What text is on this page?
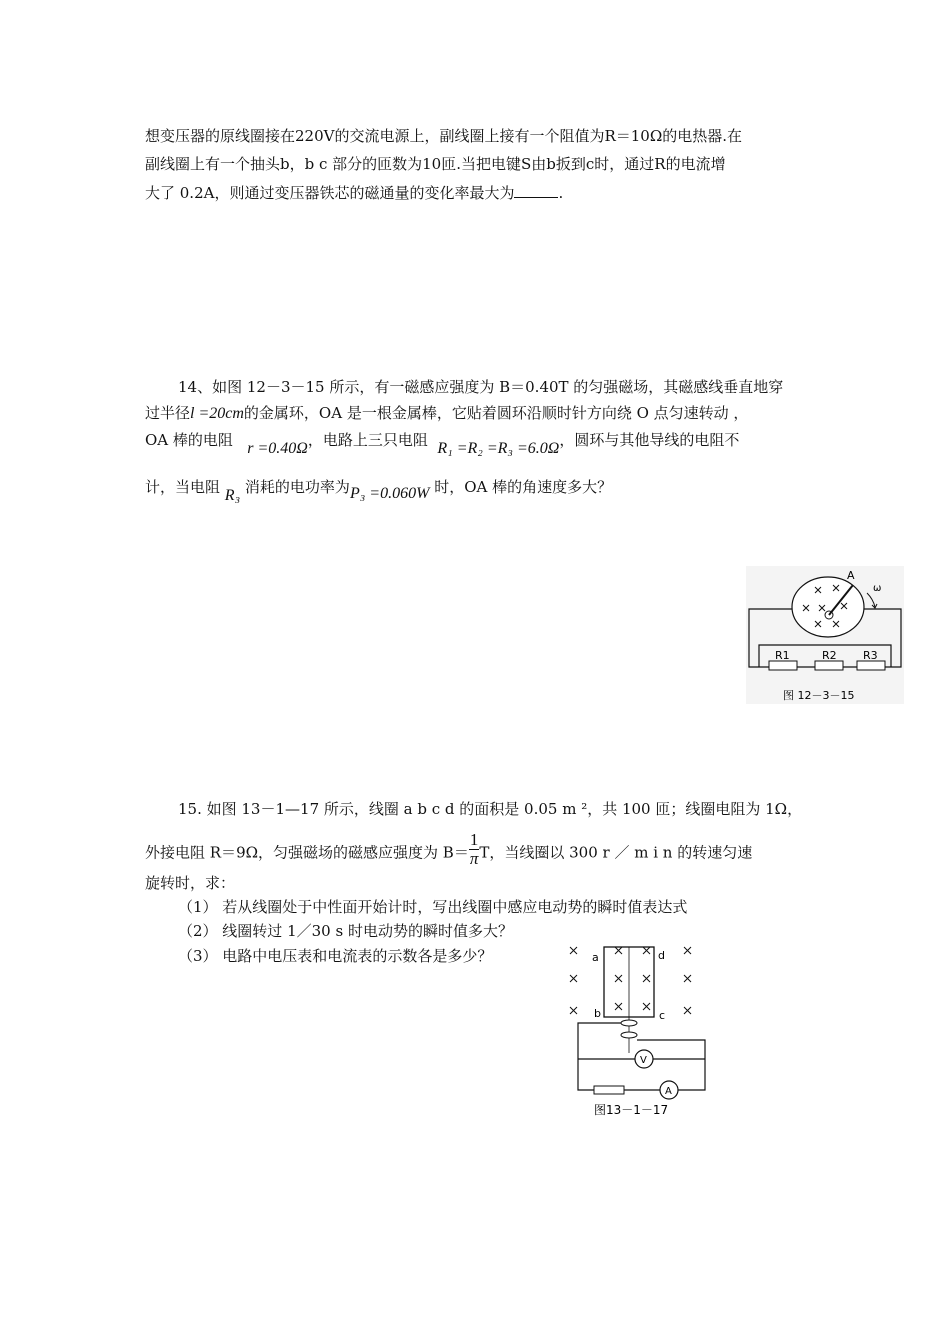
想变压器的原线圈接在220V的交流电源上，副线圈上接有一个阻值为R＝10Ω的电热器.在
副线圈上有一个抽头b，b c 部分的匝数为10匝.当把电键S由b扳到c时，通过R的电流增
大了 0.2A，则通过变压器铁芯的磁通量的变化率最大为	.
14、如图 12－3－15 所示，有一磁感应强度为 B＝0.40T 的匀强磁场，其磁感线垂直地穿
过半径l =20cm的金属环，OA 是一根金属棒，它贴着圆环沿顺时针方向绕 O 点匀速转动 ，
OA 棒的电阻 r =0.40Ω，电路上三只电阻 R₁ =R₂ =R₃ =6.0Ω，圆环与其他导线的电阻不
计，当电阻 R₃ 消耗的电功率为P₃ =0.060W 时，OA 棒的角速度多大？
A
ω
R1	R2 R3
图 12－3－15
15. 如图 13－1—17 所示，线圈 a b c d 的面积是 0.05 m ²，共 100 匝；线圈电阻为 1Ω，
外接电阻 R＝9Ω，匀强磁场的磁感应强度为 $B= \frac{1}{\pi}$ T，当线圈以 300 r ／ m i n 的转速匀速
旋转时，求：
（1） 若从线圈处于中性面开始计时，写出线圈中感应电动势的瞬时值表达式
（2） 线圈转过 1／30 s 时电动势的瞬时值多大？
（3） 电路中电压表和电流表的示数各是多少？	a	d
b	c
V
A
图13－1－17
